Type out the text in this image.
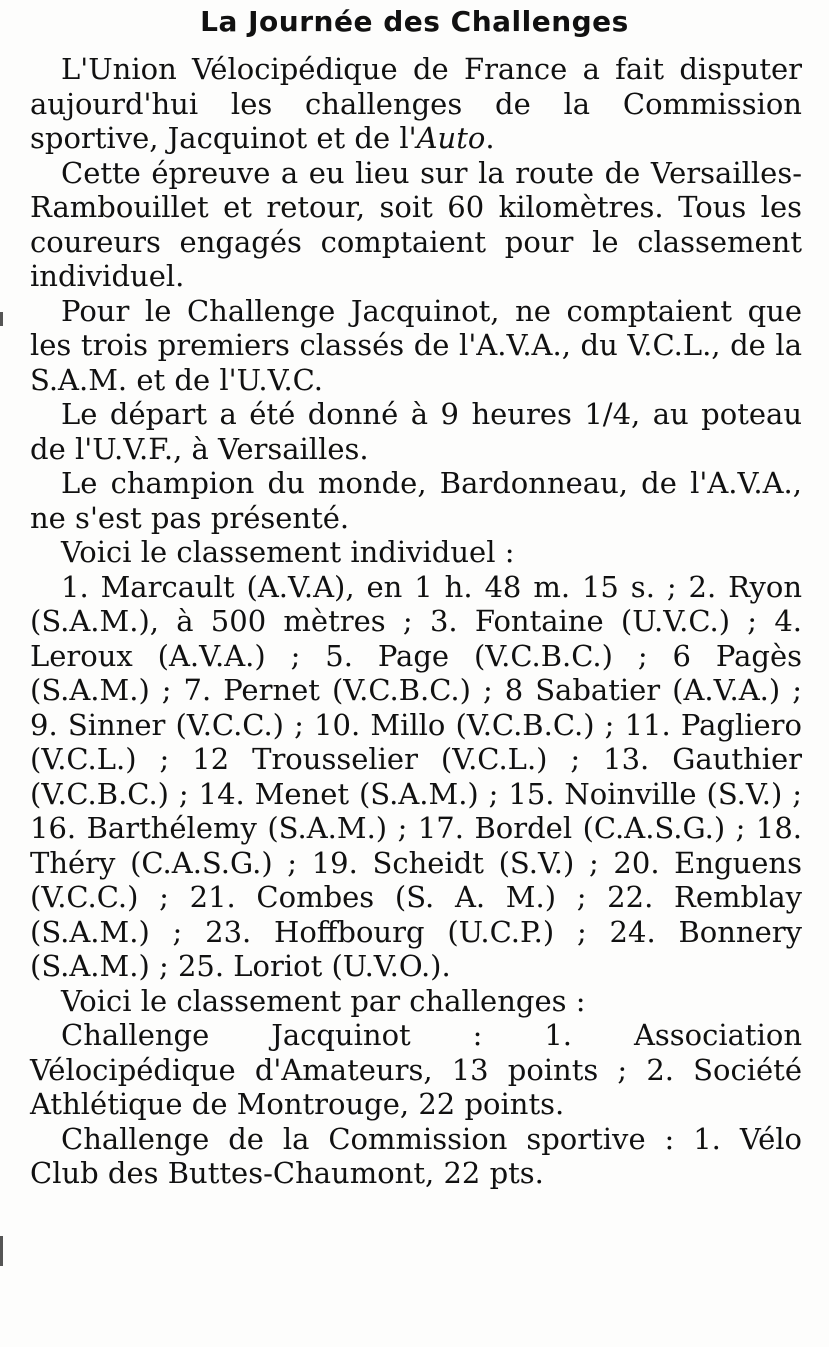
La Journée des Challenges

L'Union Vélocipédique de France a fait disputer aujourd'hui les challenges de la Commission sportive, Jacquinot et de l'Auto.

Cette épreuve a eu lieu sur la route de Versailles-Rambouillet et retour, soit 60 kilomètres. Tous les coureurs engagés comptaient pour le classement individuel.

Pour le Challenge Jacquinot, ne comptaient que les trois premiers classés de l'A.V.A., du V.C.L., de la S.A.M. et de l'U.V.C.

Le départ a été donné à 9 heures 1/4, au poteau de l'U.V.F., à Versailles.

Le champion du monde, Bardonneau, de l'A.V.A., ne s'est pas présenté.

Voici le classement individuel :

1. Marcault (A.V.A), en 1 h. 48 m. 15 s. ; 2. Ryon (S.A.M.), à 500 mètres ; 3. Fontaine (U.V.C.) ; 4. Leroux (A.V.A.) ; 5. Page (V.C.B.C.) ; 6 Pagès (S.A.M.) ; 7. Pernet (V.C.B.C.) ; 8 Sabatier (A.V.A.) ; 9. Sinner (V.C.C.) ; 10. Millo (V.C.B.C.) ; 11. Pagliero (V.C.L.) ; 12 Trousselier (V.C.L.) ; 13. Gauthier (V.C.B.C.) ; 14. Menet (S.A.M.) ; 15. Noinville (S.V.) ; 16. Barthélemy (S.A.M.) ; 17. Bordel (C.A.S.G.) ; 18. Théry (C.A.S.G.) ; 19. Scheidt (S.V.) ; 20. Enguens (V.C.C.) ; 21. Combes (S. A. M.) ; 22. Remblay (S.A.M.) ; 23. Hoffbourg (U.C.P.) ; 24. Bonnery (S.A.M.) ; 25. Loriot (U.V.O.).

Voici le classement par challenges :

Challenge Jacquinot : 1. Association Vélocipédique d'Amateurs, 13 points ; 2. Société Athlétique de Montrouge, 22 points.

Challenge de la Commission sportive : 1. Vélo Club des Buttes-Chaumont, 22 pts.
